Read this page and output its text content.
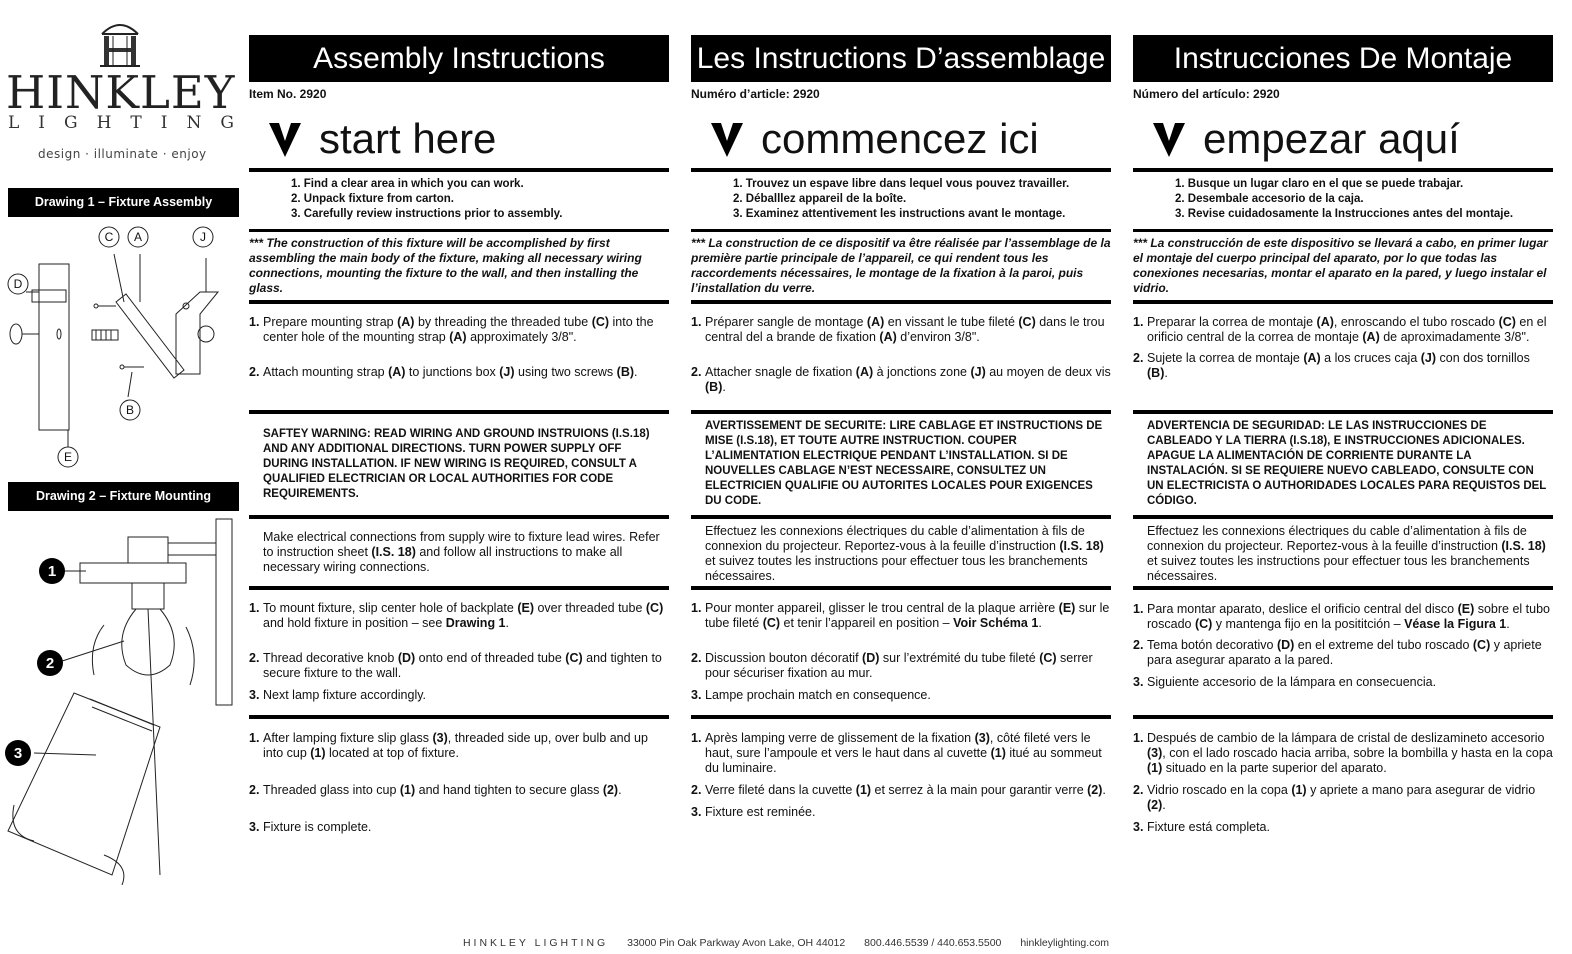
HINKLEY
LIGHTING
design · illuminate · enjoy
Drawing 1 – Fixture Assembly
C A	J
D
B
E
Drawing 2 – Fixture Mounting
1
2
3
Assembly Instructions
Item No. 2920
start here
1. Find a clear area in which you can work.
2. Unpack fixture from carton.
3. Carefully review instructions prior to assembly.
*** The construction of this fixture will be accomplished by first assembling the main body of the fixture, making all necessary wiring connections, mounting the fixture to the wall, and then installing the glass.
1. Prepare mounting strap (A) by threading the threaded tube (C) into the center hole of the mounting strap (A) approximately 3/8".
2. Attach mounting strap (A) to junctions box (J) using two screws (B).
SAFTEY WARNING: READ WIRING AND GROUND INSTRUIONS (I.S.18) AND ANY ADDITIONAL DIRECTIONS. TURN POWER SUPPLY OFF DURING INSTALLATION. IF NEW WIRING IS REQUIRED, CONSULT A QUALIFIED ELECTRICIAN OR LOCAL AUTHORITIES FOR CODE REQUIREMENTS.
Make electrical connections from supply wire to fixture lead wires. Refer to instruction sheet (I.S. 18) and follow all instructions to make all necessary wiring connections.
1. To mount fixture, slip center hole of backplate (E) over threaded tube (C) and hold fixture in position – see Drawing 1.
2. Thread decorative knob (D) onto end of threaded tube (C) and tighten to secure fixture to the wall.
3. Next lamp fixture accordingly.
1. After lamping fixture slip glass (3), threaded side up, over bulb and up into cup (1) located at top of fixture.
2. Threaded glass into cup (1) and hand tighten to secure glass (2).
3. Fixture is complete.
Les Instructions D’assemblage
Numéro d’article: 2920
commencez ici
1. Trouvez un espave libre dans lequel vous pouvez travailler.
2. Déballlez appareil de la boîte.
3. Examinez attentivement les instructions avant le montage.
*** La construction de ce dispositif va être réalisée par l’assemblage de la première partie principale de l’appareil, ce qui rendent tous les raccordements nécessaires, le montage de la fixation à la paroi, puis l’installation du verre.
1. Préparer sangle de montage (A) en vissant le tube fileté (C) dans le trou central del a brande de fixation (A) d’environ 3/8".
2. Attacher snagle de fixation (A) à jonctions zone (J) au moyen de deux vis (B).
AVERTISSEMENT DE SECURITE: LIRE CABLAGE ET INSTRUCTIONS DE MISE (I.S.18), ET TOUTE AUTRE INSTRUCTION. COUPER L’ALIMENTATION ELECTRIQUE PENDANT L’INSTALLATION. SI DE NOUVELLES CABLAGE N’EST NECESSAIRE, CONSULTEZ UN ELECTRICIEN QUALIFIE OU AUTORITES LOCALES POUR EXIGENCES DU CODE.
Effectuez les connexions électriques du cable d’alimentation à fils de connexion du projecteur. Reportez-vous à la feuille d’instruction (I.S. 18) et suivez toutes les instructions pour effectuer tous les branchements nécessaires.
1. Pour monter appareil, glisser le trou central de la plaque arrière (E) sur le tube fileté (C) et tenir l’appareil en position – Voir Schéma 1.
2. Discussion bouton décoratif (D) sur l’extrémité du tube fileté (C) serrer pour sécuriser fixation au mur.
3. Lampe prochain match en consequence.
1. Après lamping verre de glissement de la fixation (3), côté fileté vers le haut, sure l’ampoule et vers le haut dans al cuvette (1) itué au sommeut du luminaire.
2. Verre fileté dans la cuvette (1) et serrez à la main pour garantir verre (2).
3. Fixture est reminée.
Instrucciones De Montaje
Número del artículo: 2920
empezar aquí
1. Busque un lugar claro en el que se puede trabajar.
2. Desembale accesorio de la caja.
3. Revise cuidadosamente la Instrucciones antes del montaje.
*** La construcción de este dispositivo se llevará a cabo, en primer lugar el montaje del cuerpo principal del aparato, por lo que todas las conexiones necesarias, montar el aparato en la pared, y luego instalar el vidrio.
1. Preparar la correa de montaje (A), enroscando el tubo roscado (C) en el orificio central de la correa de montaje (A) de aproximadamente 3/8".
2. Sujete la correa de montaje (A) a los cruces caja (J) con dos tornillos (B).
ADVERTENCIA DE SEGURIDAD: LE LAS INSTRUCCIONES DE CABLEADO Y LA TIERRA (I.S.18), E INSTRUCCIONES ADICIONALES. APAGUE LA ALIMENTACIÓN DE CORRIENTE DURANTE LA INSTALACIÓN. SI SE REQUIERE NUEVO CABLEADO, CONSULTE CON UN ELECTRICISTA O AUTHORIDADES LOCALES PARA REQUISTOS DEL CÓDIGO.
Effectuez les connexions électriques du cable d’alimentation à fils de connexion du projecteur. Reportez-vous à la feuille d’instruction (I.S. 18) et suivez toutes les instructions pour effectuer tous les branchements nécessaires.
1. Para montar aparato, deslice el orificio central del disco (E) sobre el tubo roscado (C) y mantenga fijo en la posititción – Véase la Figura 1.
2. Tema botón decorativo (D) en el extreme del tubo roscado (C) y apriete para asegurar aparato a la pared.
3. Siguiente accesorio de la lámpara en consecuencia.
1. Después de cambio de la lámpara de cristal de deslizamineto accesorio (3), con el lado roscado hacia arriba, sobre la bombilla y hasta en la copa (1) situado en la parte superior del aparato.
2. Vidrio roscado en la copa (1) y apriete a mano para asegurar de vidrio (2).
3. Fixture está completa.
HINKLEY LIGHTING 33000 Pin Oak Parkway Avon Lake, OH 44012 800.446.5539 / 440.653.5500 hinkleylighting.com
